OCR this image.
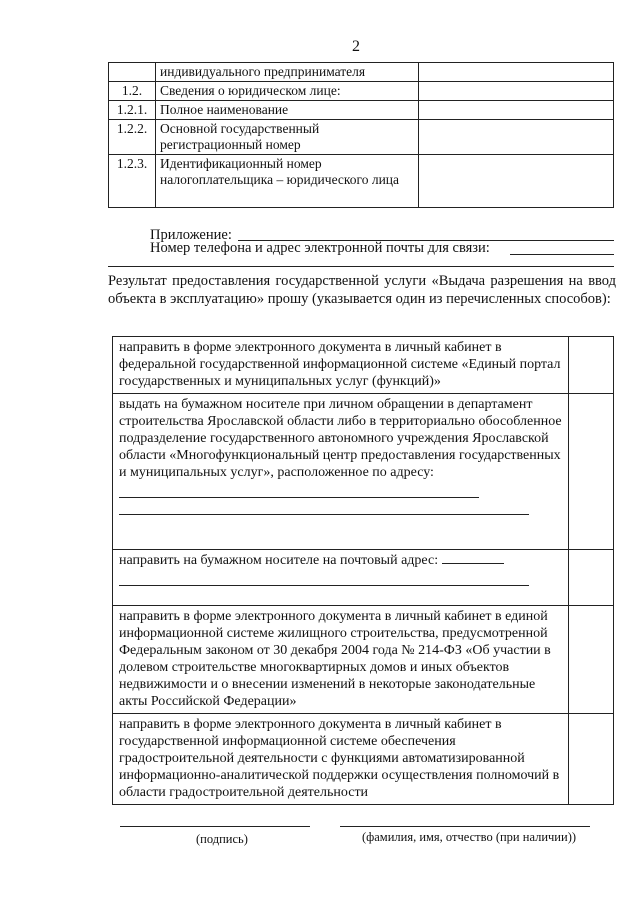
2
	индивидуального предпринимателя	
1.2.	Сведения о юридическом лице:	
1.2.1.	Полное наименование	
1.2.2.	Основной государственный регистрационный номер	
1.2.3.	Идентификационный номер налогоплательщика – юридического лица	
Приложение:
Номер телефона и адрес электронной почты для связи:
Результат предоставления государственной услуги «Выдача разрешения на ввод объекта в эксплуатацию» прошу (указывается один из перечисленных способов):
направить в форме электронного документа в личный кабинет в федеральной государственной информационной системе «Единый портал государственных и муниципальных услуг (функций)»	
выдать на бумажном носителе при личном обращении в департамент строительства Ярославской области либо в территориально обособленное подразделение государственного автономного учреждения Ярославской области «Многофункциональный центр предоставления государственных и муниципальных услуг», расположенное по адресу:

направить на бумажном носителе на почтовый адрес:

направить в форме электронного документа в личный кабинет в единой информационной системе жилищного строительства, предусмотренной Федеральным законом от 30 декабря 2004 года № 214-ФЗ «Об участии в долевом строительстве многоквартирных домов и иных объектов недвижимости и о внесении изменений в некоторые законодательные акты Российской Федерации»	
направить в форме электронного документа в личный кабинет в государственной информационной системе обеспечения градостроительной деятельности с функциями автоматизированной информационно-аналитической поддержки осуществления полномочий в области градостроительной деятельности	
(подпись)	(фамилия, имя, отчество (при наличии))
